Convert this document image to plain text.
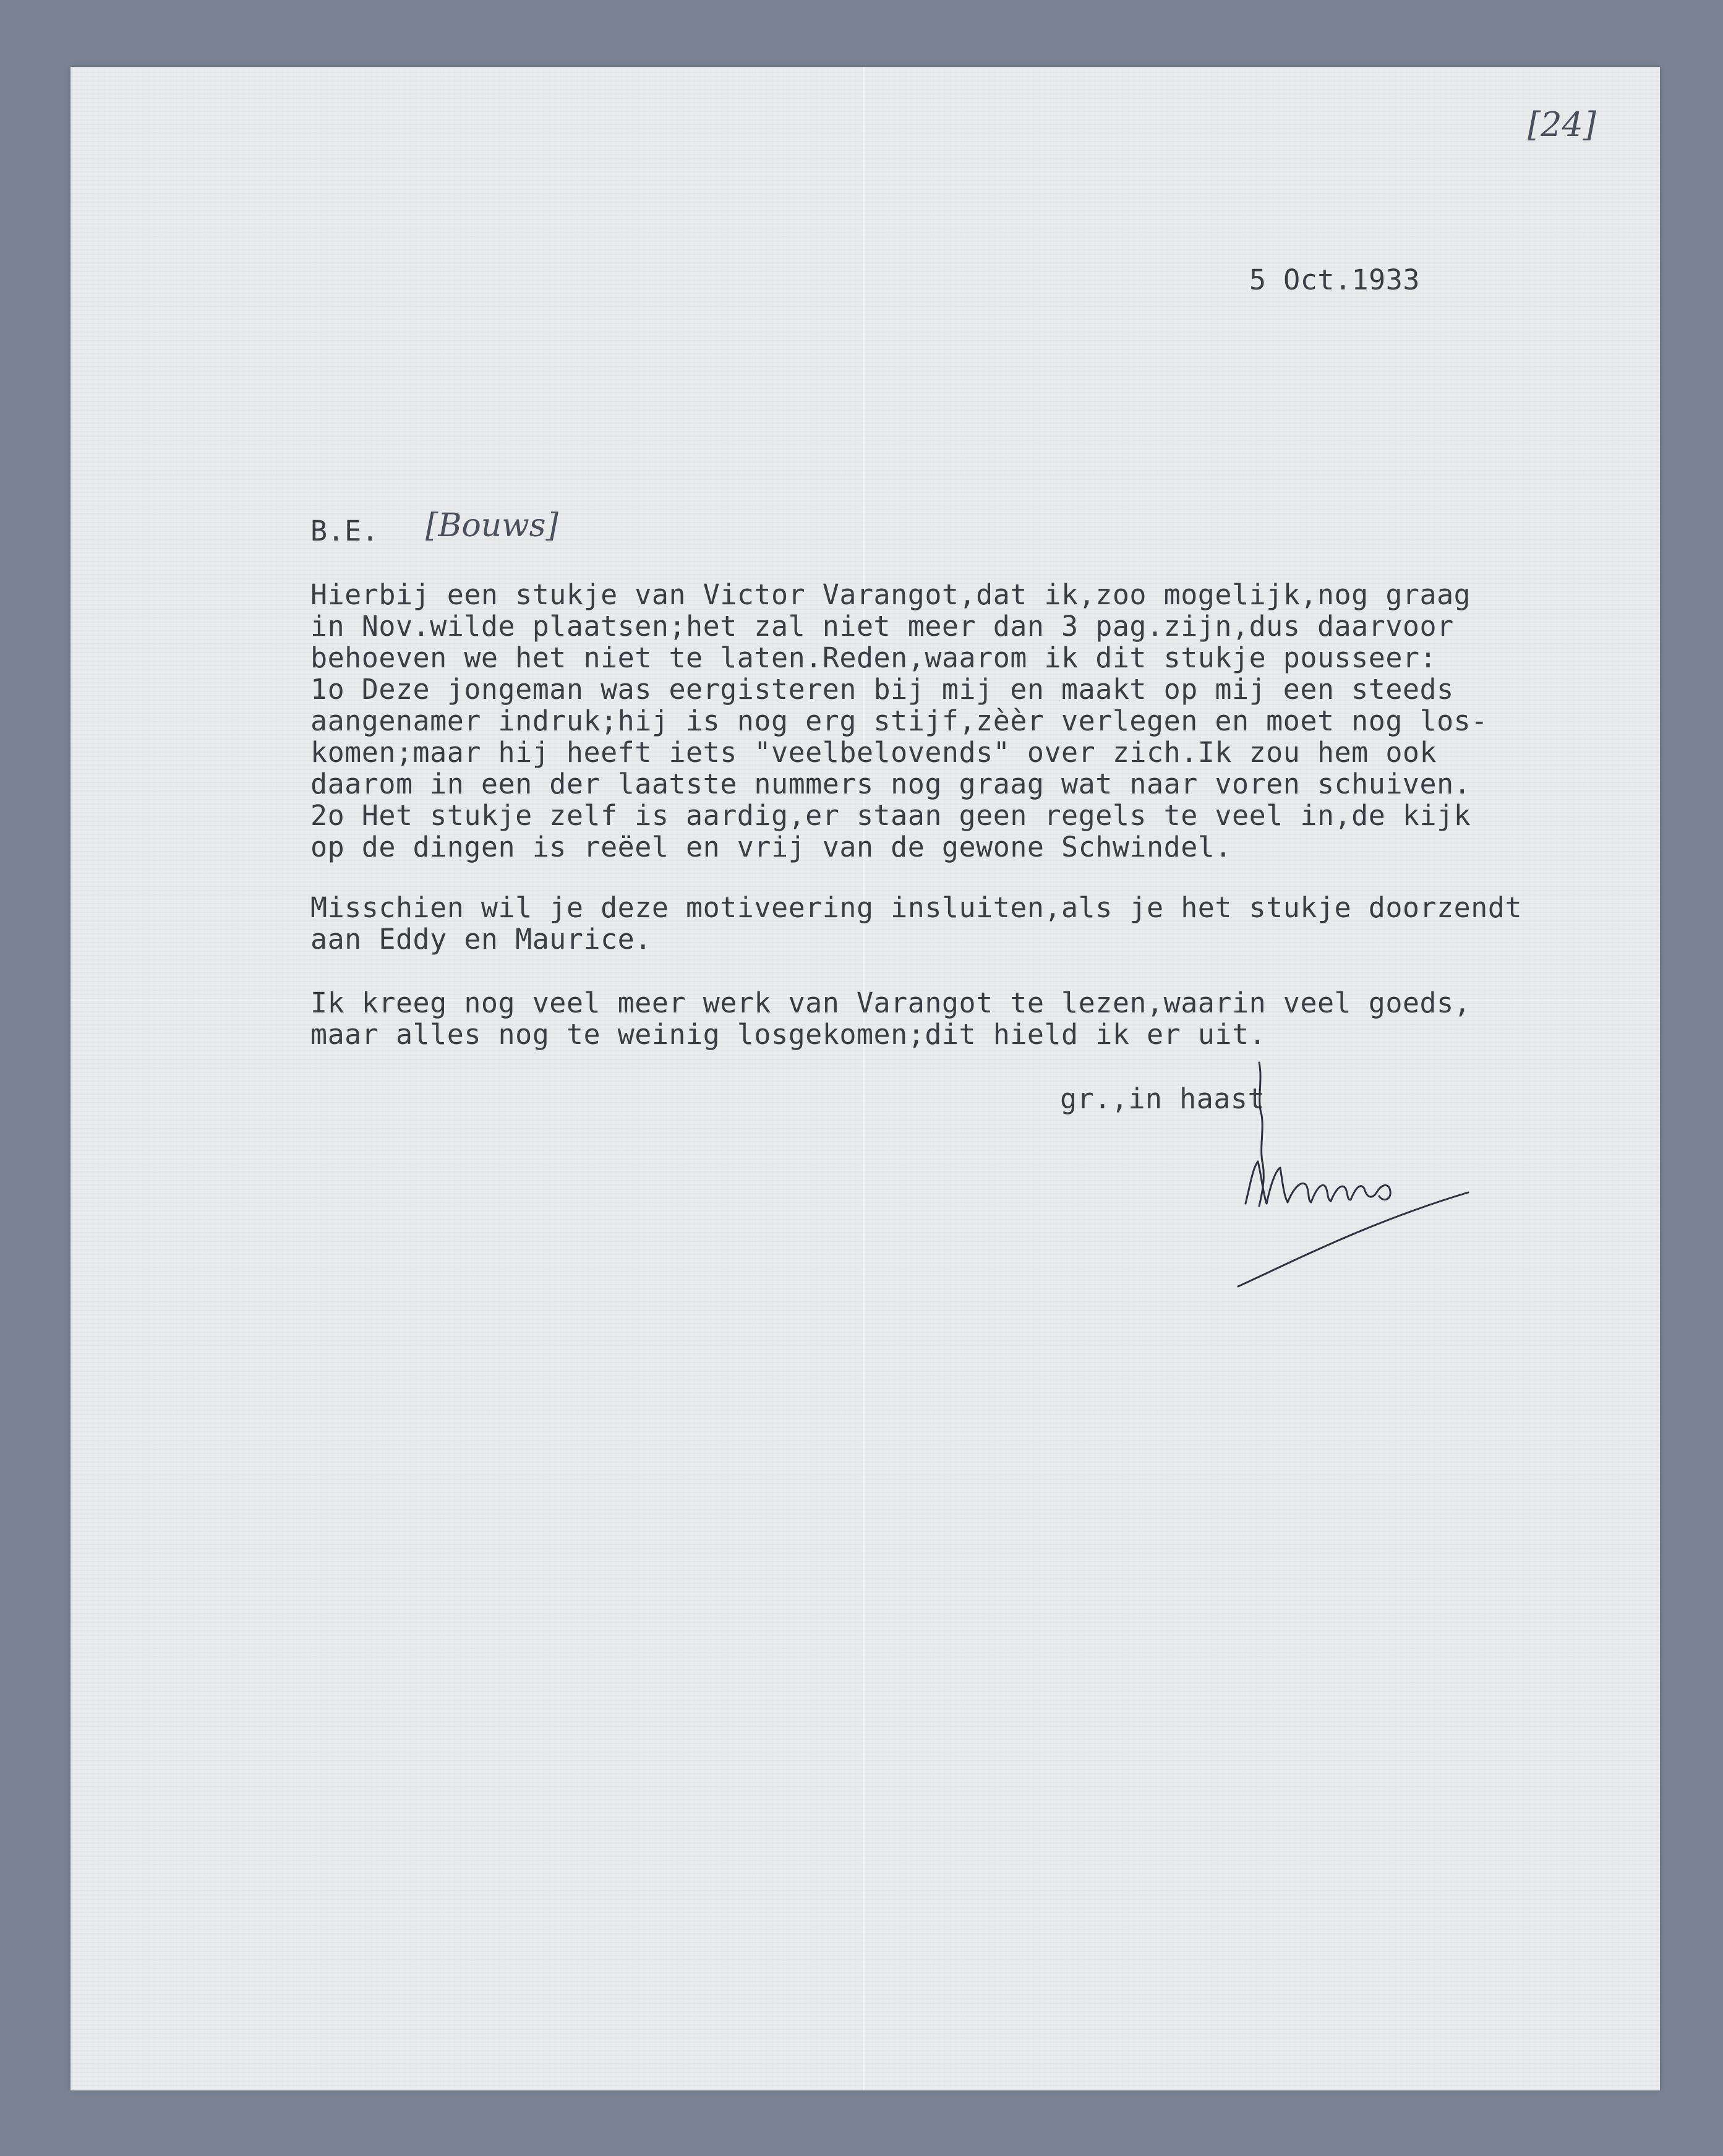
[24]
5 Oct.1933
B.E. [Bouws]
Hierbij een stukje van Victor Varangot,dat ik,zoo mogelijk,nog graag
in Nov.wilde plaatsen;het zal niet meer dan 3 pag.zijn,dus daarvoor
behoeven we het niet te laten.Reden,waarom ik dit stukje pousseer:
1o Deze jongeman was eergisteren bij mij en maakt op mij een steeds
aangenamer indruk;hij is nog erg stijf,zèèr verlegen en moet nog los-
komen;maar hij heeft iets "veelbelovends" over zich.Ik zou hem ook
daarom in een der laatste nummers nog graag wat naar voren schuiven.
2o Het stukje zelf is aardig,er staan geen regels te veel in,de kijk
op de dingen is reëel en vrij van de gewone Schwindel.
Misschien wil je deze motiveering insluiten,als je het stukje doorzendt
aan Eddy en Maurice.
Ik kreeg nog veel meer werk van Varangot te lezen,waarin veel goeds,
maar alles nog te weinig losgekomen;dit hield ik er uit.
gr.,in haast
